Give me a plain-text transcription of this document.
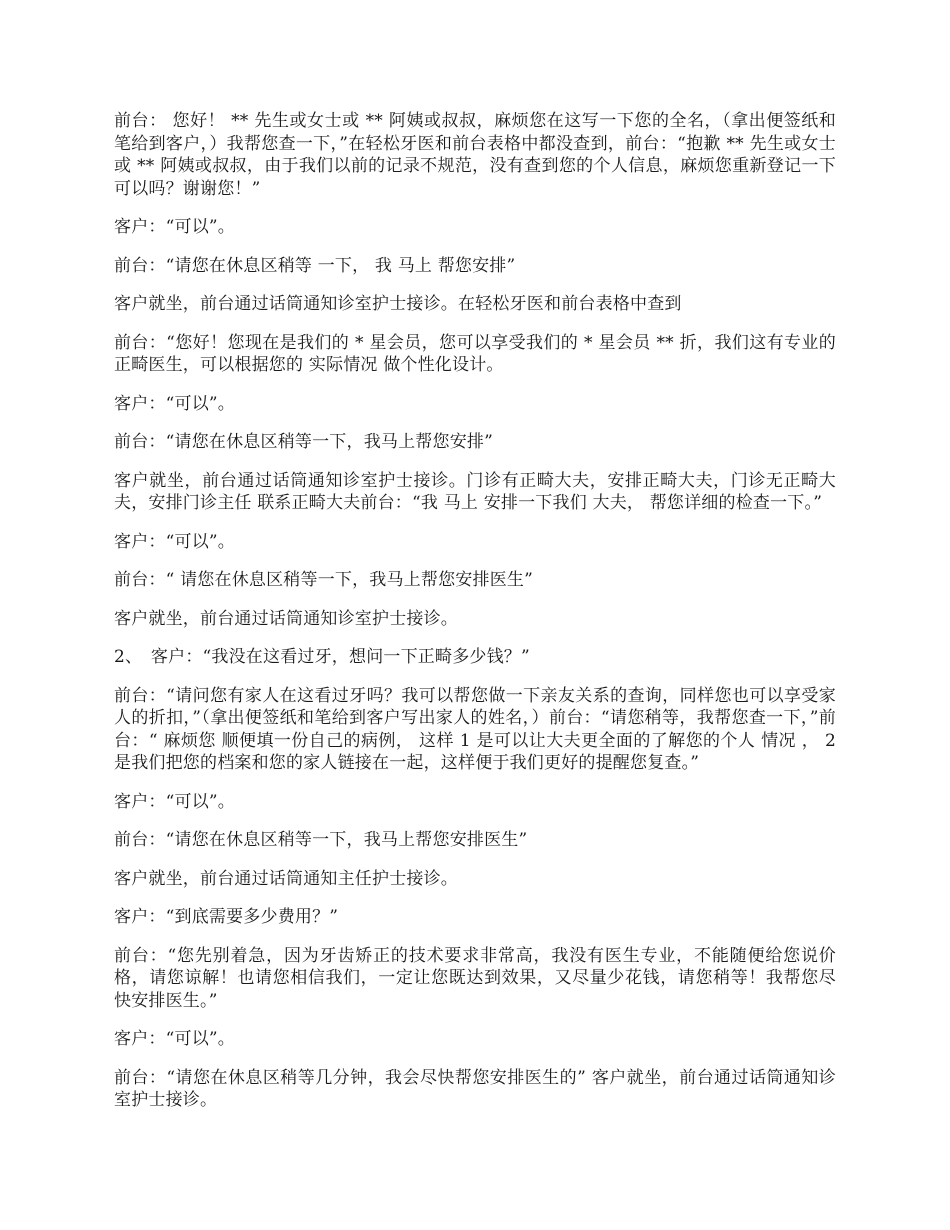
前台： 您好！ ** 先生或女士或 ** 阿姨或叔叔，麻烦您在这写一下您的全名，（拿出便签纸和笔给到客户，）我帮您查一下，”在轻松牙医和前台表格中都没查到，前台：“抱歉 ** 先生或女士或 ** 阿姨或叔叔，由于我们以前的记录不规范，没有查到您的个人信息，麻烦您重新登记一下可以吗？谢谢您！”

客户：“可以”。

前台：“请您在休息区稍等 一下， 我 马上 帮您安排”

客户就坐，前台通过话筒通知诊室护士接诊。在轻松牙医和前台表格中查到

前台：“您好！您现在是我们的 * 星会员，您可以享受我们的 * 星会员 ** 折，我们这有专业的正畸医生，可以根据您的 实际情况 做个性化设计。

客户：“可以”。

前台：“请您在休息区稍等一下，我马上帮您安排”

客户就坐，前台通过话筒通知诊室护士接诊。门诊有正畸大夫，安排正畸大夫，门诊无正畸大夫，安排门诊主任 联系正畸大夫前台：“我 马上 安排一下我们 大夫， 帮您详细的检查一下。”

客户：“可以”。

前台：“ 请您在休息区稍等一下，我马上帮您安排医生”

客户就坐，前台通过话筒通知诊室护士接诊。

2、　客户：“我没在这看过牙，想问一下正畸多少钱？”

前台：“请问您有家人在这看过牙吗？我可以帮您做一下亲友关系的查询，同样您也可以享受家人的折扣，”（拿出便签纸和笔给到客户写出家人的姓名，）前台：“请您稍等，我帮您查一下，”前台：“ 麻烦您 顺便填一份自己的病例， 这样 1 是可以让大夫更全面的了解您的个人 情况 ， 2 是我们把您的档案和您的家人链接在一起，这样便于我们更好的提醒您复查。”

客户：“可以”。

前台：“请您在休息区稍等一下，我马上帮您安排医生”

客户就坐，前台通过话筒通知主任护士接诊。

客户：“到底需要多少费用？”

前台：“您先别着急，因为牙齿矫正的技术要求非常高，我没有医生专业，不能随便给您说价格，请您谅解！也请您相信我们，一定让您既达到效果，又尽量少花钱，请您稍等！我帮您尽快安排医生。”

客户：“可以”。

前台：“请您在休息区稍等几分钟，我会尽快帮您安排医生的” 客户就坐，前台通过话筒通知诊室护士接诊。
